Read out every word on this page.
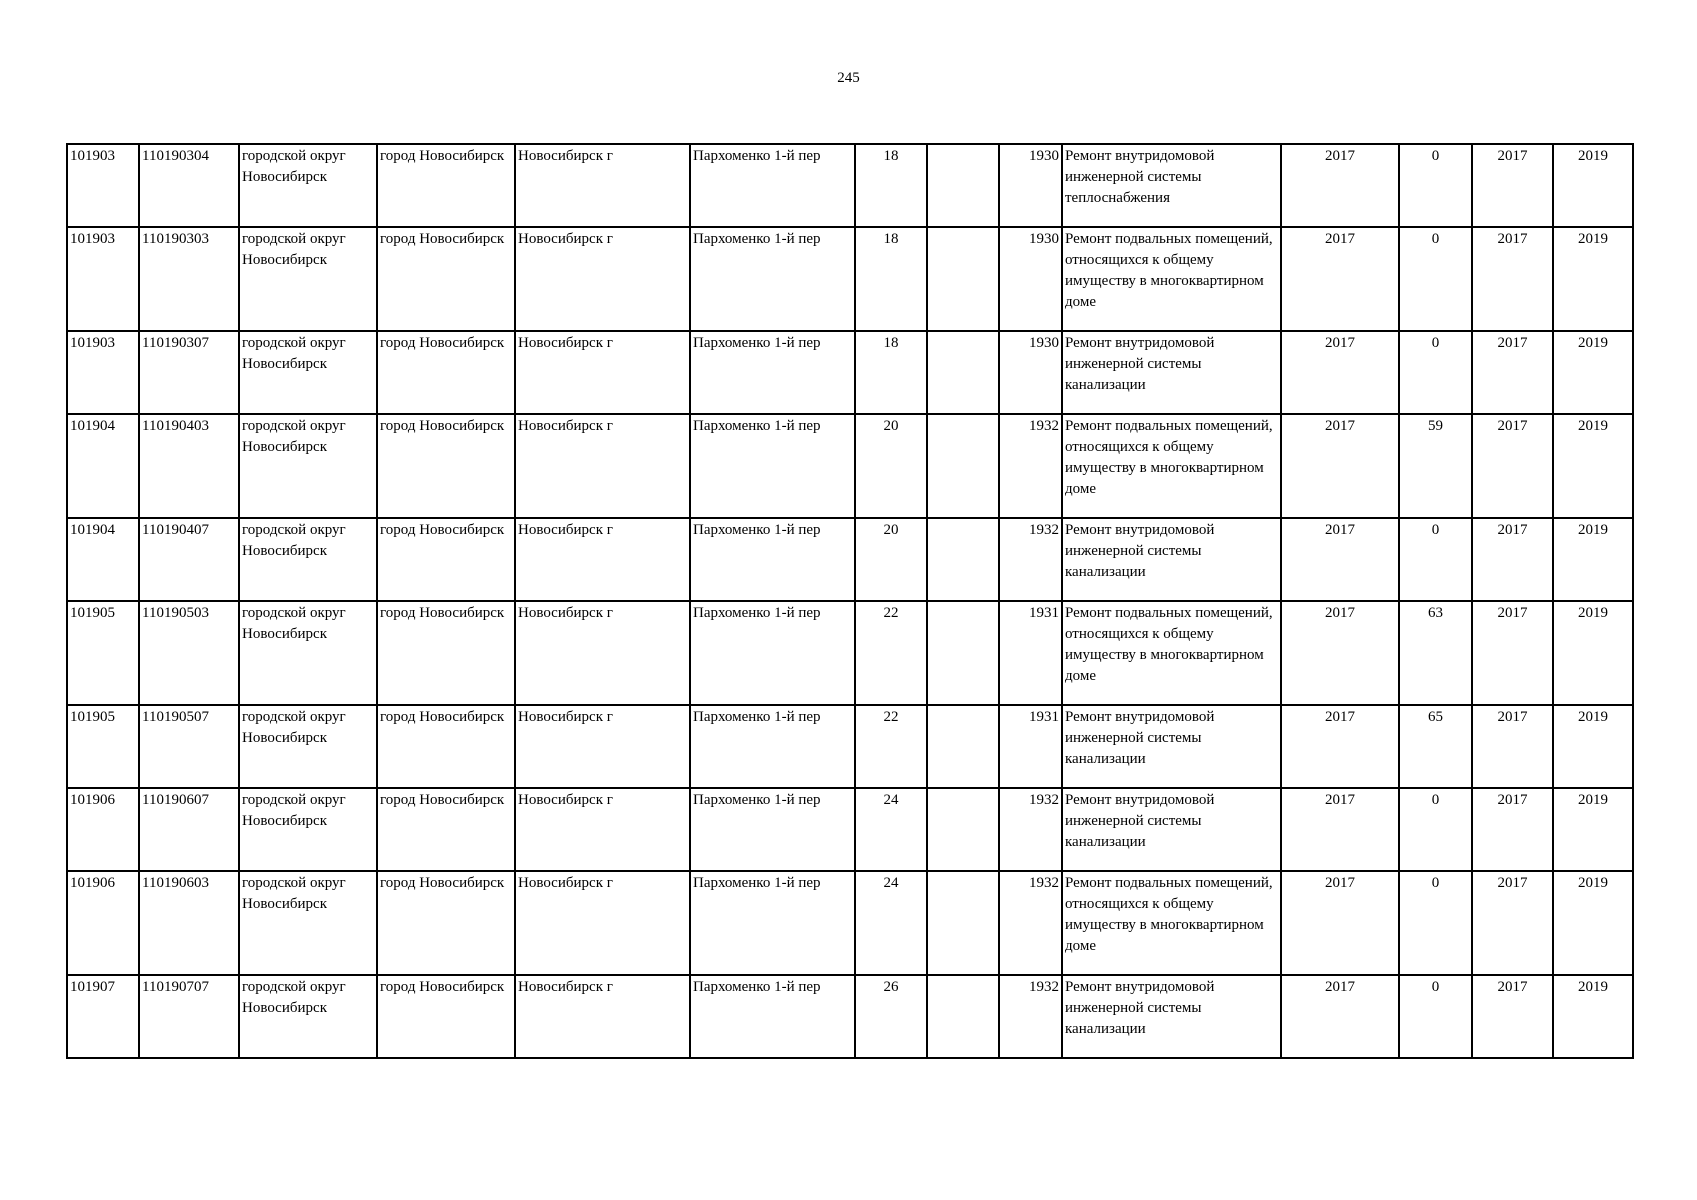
245
101903	110190304	городской округ Новосибирск	город Новосибирск	Новосибирск г	Пархоменко 1-й пер	18		1930	Ремонт внутридомовой инженерной системы теплоснабжения	2017	0	2017	2019
101903	110190303	городской округ Новосибирск	город Новосибирск	Новосибирск г	Пархоменко 1-й пер	18		1930	Ремонт подвальных помещений, относящихся к общему имуществу в многоквартирном доме	2017	0	2017	2019
101903	110190307	городской округ Новосибирск	город Новосибирск	Новосибирск г	Пархоменко 1-й пер	18		1930	Ремонт внутридомовой инженерной системы канализации	2017	0	2017	2019
101904	110190403	городской округ Новосибирск	город Новосибирск	Новосибирск г	Пархоменко 1-й пер	20		1932	Ремонт подвальных помещений, относящихся к общему имуществу в многоквартирном доме	2017	59	2017	2019
101904	110190407	городской округ Новосибирск	город Новосибирск	Новосибирск г	Пархоменко 1-й пер	20		1932	Ремонт внутридомовой инженерной системы канализации	2017	0	2017	2019
101905	110190503	городской округ Новосибирск	город Новосибирск	Новосибирск г	Пархоменко 1-й пер	22		1931	Ремонт подвальных помещений, относящихся к общему имуществу в многоквартирном доме	2017	63	2017	2019
101905	110190507	городской округ Новосибирск	город Новосибирск	Новосибирск г	Пархоменко 1-й пер	22		1931	Ремонт внутридомовой инженерной системы канализации	2017	65	2017	2019
101906	110190607	городской округ Новосибирск	город Новосибирск	Новосибирск г	Пархоменко 1-й пер	24		1932	Ремонт внутридомовой инженерной системы канализации	2017	0	2017	2019
101906	110190603	городской округ Новосибирск	город Новосибирск	Новосибирск г	Пархоменко 1-й пер	24		1932	Ремонт подвальных помещений, относящихся к общему имуществу в многоквартирном доме	2017	0	2017	2019
101907	110190707	городской округ Новосибирск	город Новосибирск	Новосибирск г	Пархоменко 1-й пер	26		1932	Ремонт внутридомовой инженерной системы канализации	2017	0	2017	2019
